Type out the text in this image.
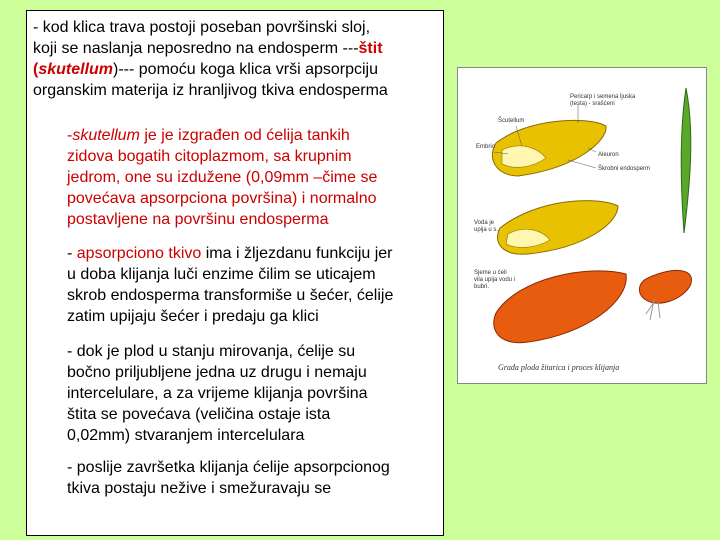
- kod klica trava postoji poseban površinski sloj,
koji se naslanja neposredno na endosperm ---štit
(skutellum)--- pomoću koga klica vrši apsorpciju
organskim materija iz hranljivog tkiva endosperma
-skutellum je je izgrađen od ćelija tankih
zidova bogatih citoplazmom, sa krupnim
jedrom, one su izdužene (0,09mm –čime se
povećava apsorpciona površina) i normalno
postavljene na površinu endosperma
- apsorpciono tkivo ima i žljezdanu funkciju jer
u doba klijanja luči enzime čilim se uticajem
skrob endosperma transformiše u šećer, ćelije
zatim upijaju šećer i predaju ga klici
- dok je plod u stanju mirovanja, ćelije su
bočno priljubljene jedna uz drugu i nemaju
intercelulare, a za vrijeme klijanja površina
štita se povećava (veličina ostaje ista
0,02mm) stvaranjem intercelulara
- poslije završetka klijanja ćelije apsorpcionog
tkiva postaju nežive i smežuravaju se
Pericarp i semena ljuska
(testa) - srašćeni
Šcutellum
Embrio
Aleuron
Škrobni endosperm
Voda je
upija u s..
Sjeme u ćeli
vila upija vodu i
bubri.
Građa ploda žitarica i proces klijanja
